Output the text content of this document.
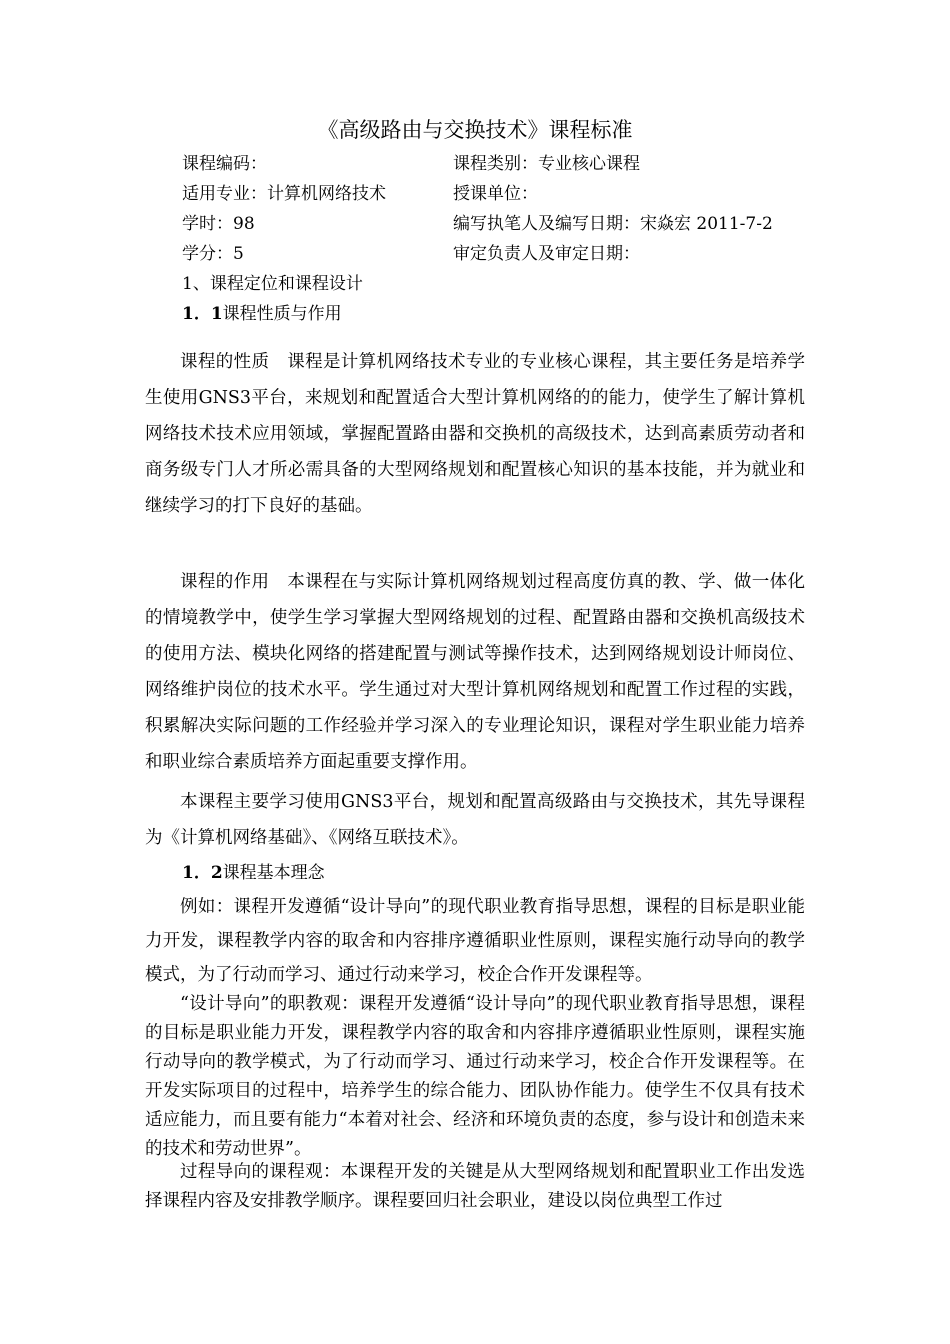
《高级路由与交换技术》课程标准
课程编码：	课程类别：专业核心课程
适用专业：计算机网络技术	授课单位：
学时：98	编写执笔人及编写日期：宋焱宏 2011-7-2
学分：5	审定负责人及审定日期：
1、课程定位和课程设计
1．1课程性质与作用

课程的性质　课程是计算机网络技术专业的专业核心课程，其主要任务是培养学生使用GNS3平台，来规划和配置适合大型计算机网络的的能力，使学生了解计算机网络技术技术应用领域，掌握配置路由器和交换机的高级技术，达到高素质劳动者和商务级专门人才所必需具备的大型网络规划和配置核心知识的基本技能，并为就业和继续学习的打下良好的基础。

课程的作用　本课程在与实际计算机网络规划过程高度仿真的教、学、做一体化的情境教学中，使学生学习掌握大型网络规划的过程、配置路由器和交换机高级技术的使用方法、模块化网络的搭建配置与测试等操作技术，达到网络规划设计师岗位、网络维护岗位的技术水平。学生通过对大型计算机网络规划和配置工作过程的实践，积累解决实际问题的工作经验并学习深入的专业理论知识，课程对学生职业能力培养和职业综合素质培养方面起重要支撑作用。

本课程主要学习使用GNS3平台，规划和配置高级路由与交换技术，其先导课程为《计算机网络基础》、《网络互联技术》。

1．2课程基本理念

例如：课程开发遵循“设计导向”的现代职业教育指导思想，课程的目标是职业能力开发，课程教学内容的取舍和内容排序遵循职业性原则，课程实施行动导向的教学模式，为了行动而学习、通过行动来学习，校企合作开发课程等。

“设计导向”的职教观：课程开发遵循“设计导向”的现代职业教育指导思想，课程的目标是职业能力开发，课程教学内容的取舍和内容排序遵循职业性原则，课程实施行动导向的教学模式，为了行动而学习、通过行动来学习，校企合作开发课程等。在开发实际项目的过程中，培养学生的综合能力、团队协作能力。使学生不仅具有技术适应能力，而且要有能力“本着对社会、经济和环境负责的态度，参与设计和创造未来的技术和劳动世界”。

过程导向的课程观：本课程开发的关键是从大型网络规划和配置职业工作出发选择课程内容及安排教学顺序。课程要回归社会职业，建设以岗位典型工作过
